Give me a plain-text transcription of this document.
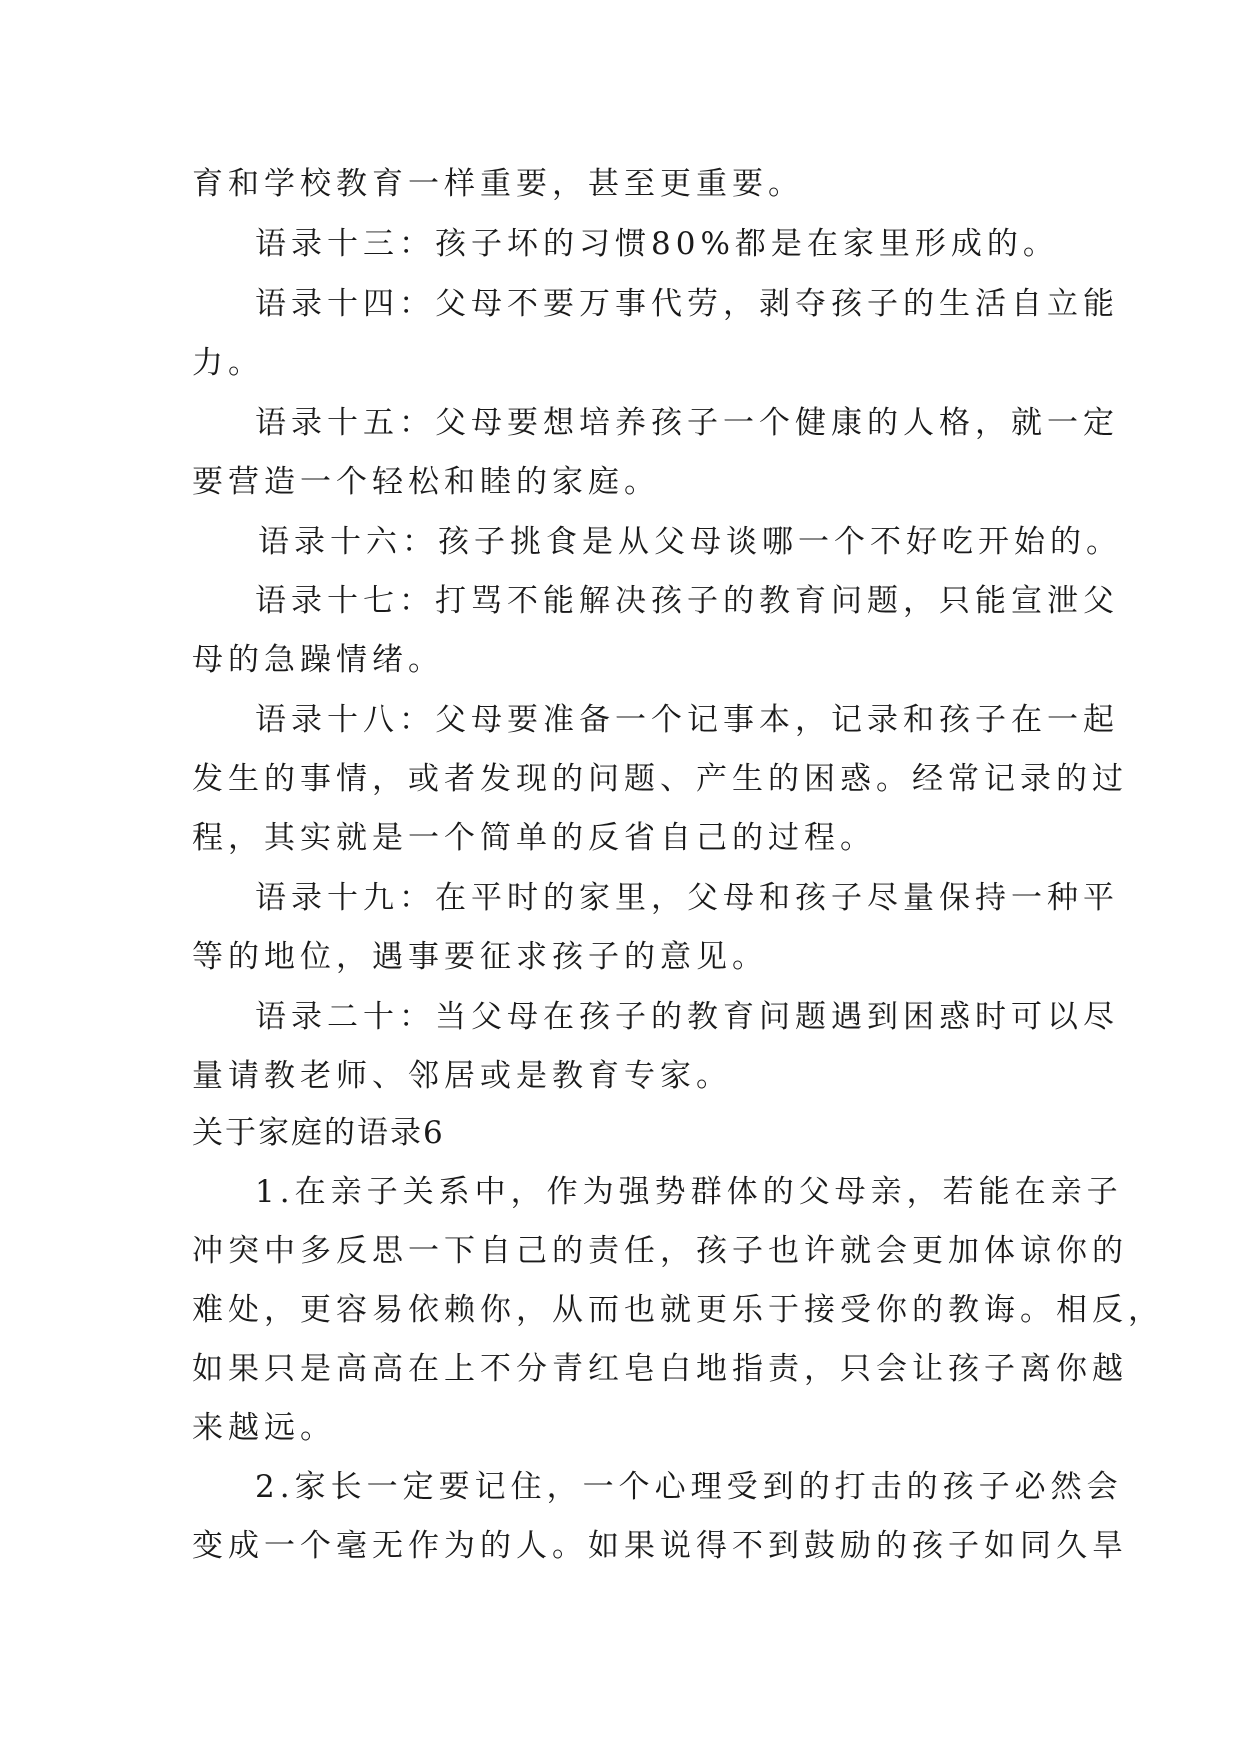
育和学校教育一样重要，甚至更重要。
语录十三：孩子坏的习惯80%都是在家里形成的。
语录十四：父母不要万事代劳，剥夺孩子的生活自立能
力。
语录十五：父母要想培养孩子一个健康的人格，就一定
要营造一个轻松和睦的家庭。
语录十六：孩子挑食是从父母谈哪一个不好吃开始的。
语录十七：打骂不能解决孩子的教育问题，只能宣泄父
母的急躁情绪。
语录十八：父母要准备一个记事本，记录和孩子在一起
发生的事情，或者发现的问题、产生的困惑。经常记录的过
程，其实就是一个简单的反省自己的过程。
语录十九：在平时的家里，父母和孩子尽量保持一种平
等的地位，遇事要征求孩子的意见。
语录二十：当父母在孩子的教育问题遇到困惑时可以尽
量请教老师、邻居或是教育专家。
关于家庭的语录6
1.在亲子关系中，作为强势群体的父母亲，若能在亲子
冲突中多反思一下自己的责任，孩子也许就会更加体谅你的
难处，更容易依赖你，从而也就更乐于接受你的教诲。相反，
如果只是高高在上不分青红皂白地指责，只会让孩子离你越
来越远。
2.家长一定要记住，一个心理受到的打击的孩子必然会
变成一个毫无作为的人。如果说得不到鼓励的孩子如同久旱
